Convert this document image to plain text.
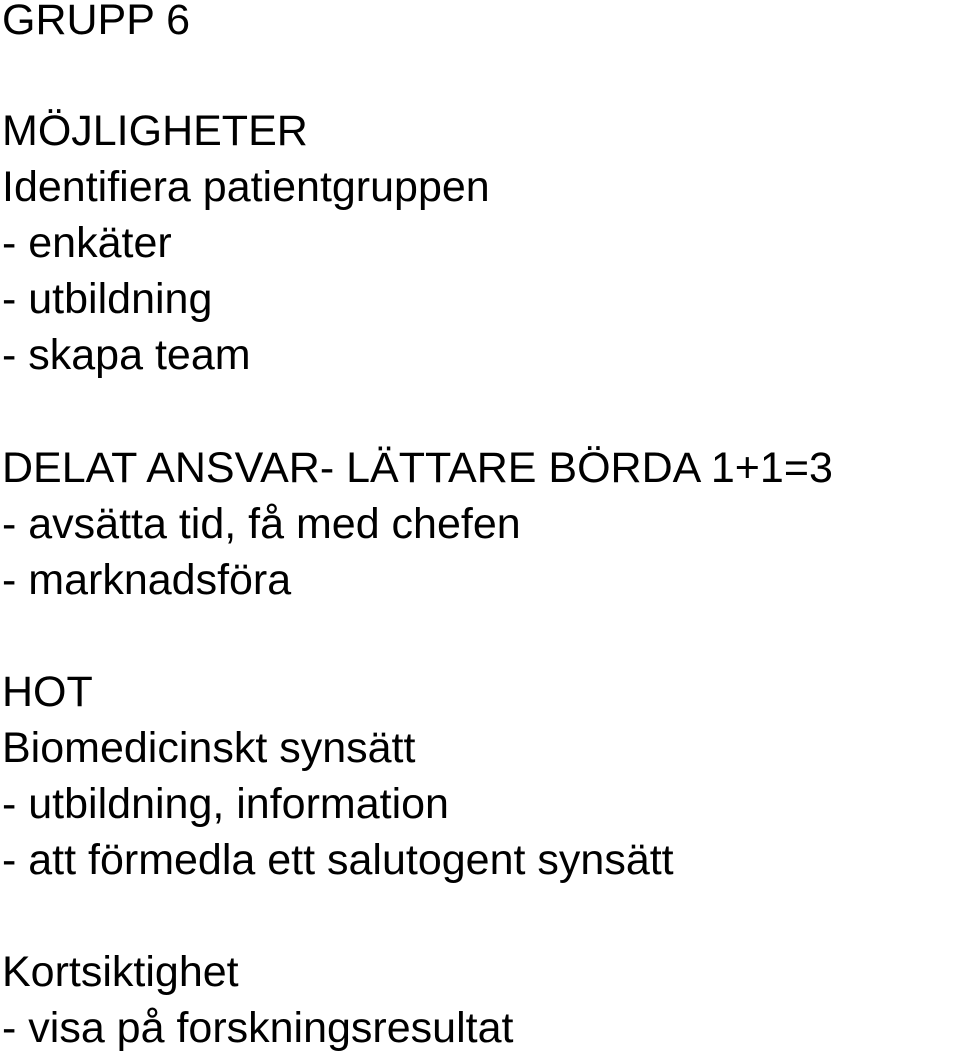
GRUPP 6
MÖJLIGHETER
Identifiera patientgruppen
- enkäter
- utbildning
- skapa team
DELAT ANSVAR- LÄTTARE BÖRDA 1+1=3
- avsätta tid, få med chefen
- marknadsföra
HOT
Biomedicinskt synsätt
- utbildning, information
- att förmedla ett salutogent synsätt
Kortsiktighet
- visa på forskningsresultat
